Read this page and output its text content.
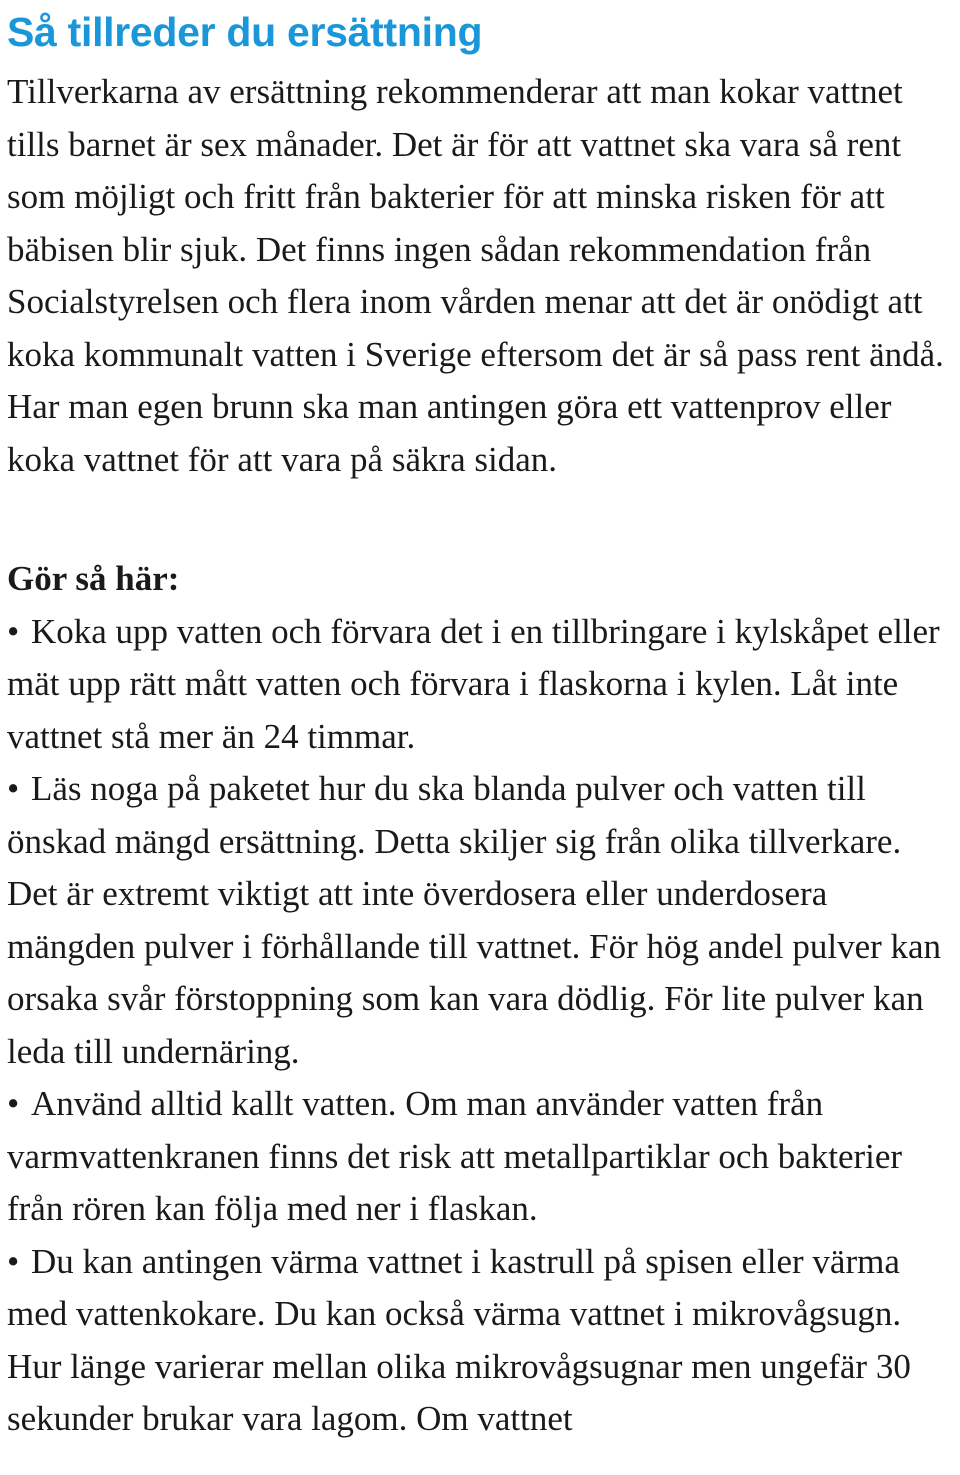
Så tillreder du ersättning

Tillverkarna av ersättning rekommenderar att man kokar vattnet tills barnet är sex månader. Det är för att vattnet ska vara så rent som möjligt och fritt från bakterier för att minska risken för att bäbisen blir sjuk. Det finns ingen sådan rekommendation från Socialstyrelsen och flera inom vården menar att det är onödigt att koka kommunalt vatten i Sverige eftersom det är så pass rent ändå. Har man egen brunn ska man antingen göra ett vattenprov eller koka vattnet för att vara på säkra sidan.

Gör så här:
• Koka upp vatten och förvara det i en tillbringare i kylskåpet eller mät upp rätt mått vatten och förvara i flaskorna i kylen. Låt inte vattnet stå mer än 24 timmar.
• Läs noga på paketet hur du ska blanda pulver och vatten till önskad mängd ersättning. Detta skiljer sig från olika tillverkare. Det är extremt viktigt att inte överdosera eller underdosera mängden pulver i förhållande till vattnet. För hög andel pulver kan orsaka svår förstoppning som kan vara dödlig. För lite pulver kan leda till undernäring.
• Använd alltid kallt vatten. Om man använder vatten från varmvattenkranen finns det risk att metallpartiklar och bakterier från rören kan följa med ner i flaskan.
• Du kan antingen värma vattnet i kastrull på spisen eller värma med vattenkokare. Du kan också värma vattnet i mikrovågsugn. Hur länge varierar mellan olika mikrovågsugnar men ungefär 30 sekunder brukar vara lagom. Om vattnet
